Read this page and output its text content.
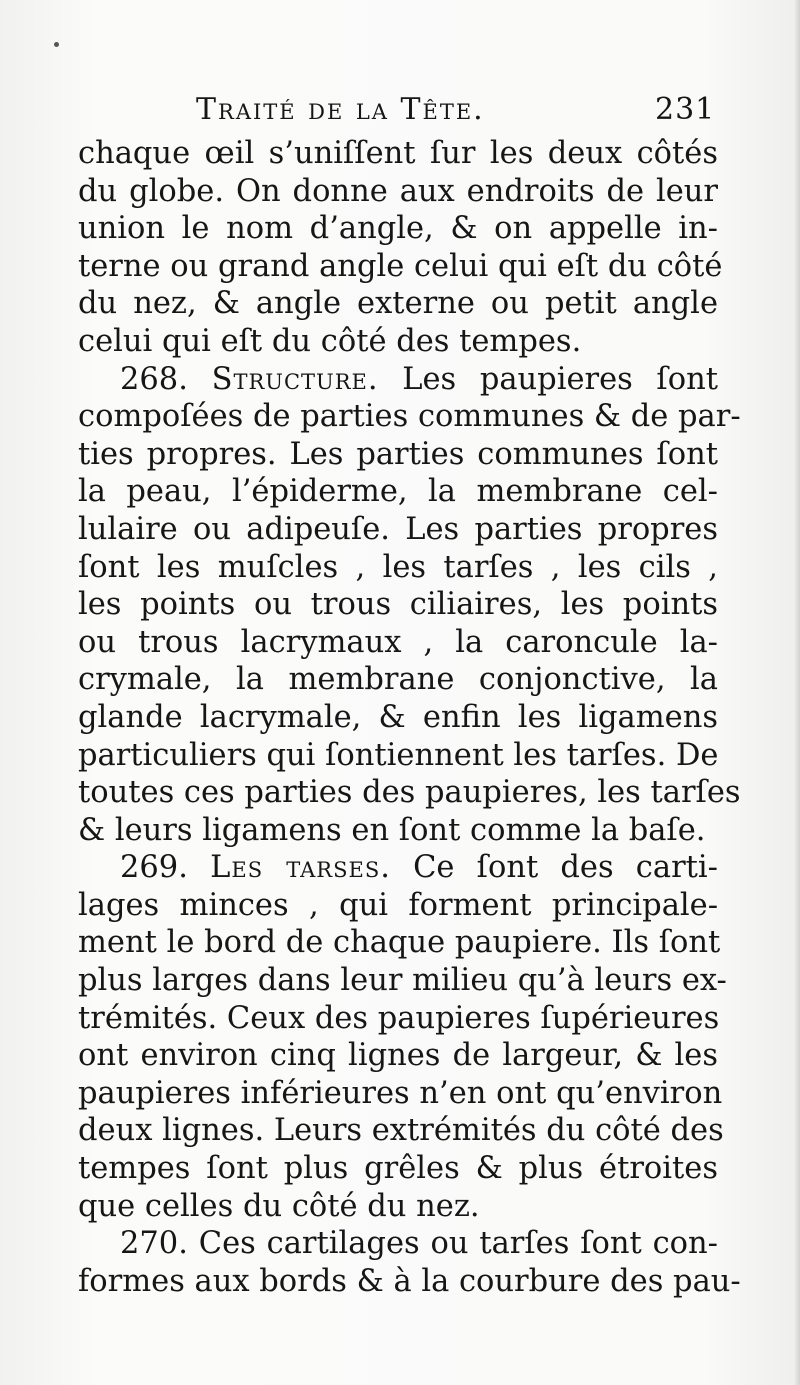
Traité de la Tête.	231
chaque œil s’uniſſent ſur les deux côtés
du globe. On donne aux endroits de leur
union le nom d’angle, & on appelle in-
terne ou grand angle celui qui eſt du côté
du nez, & angle externe ou petit angle
celui qui eſt du côté des tempes.
268. Structure. Les paupieres ſont
compoſées de parties communes & de par-
ties propres. Les parties communes ſont
la peau, l’épiderme, la membrane cel-
lulaire ou adipeuſe. Les parties propres
ſont les muſcles , les tarſes , les cils ,
les points ou trous ciliaires, les points
ou trous lacrymaux , la caroncule la-
crymale, la membrane conjonctive, la
glande lacrymale, & enfin les ligamens
particuliers qui ſontiennent les tarſes. De
toutes ces parties des paupieres, les tarſes
& leurs ligamens en ſont comme la baſe.
269. Les tarses. Ce ſont des carti-
lages minces , qui forment principale-
ment le bord de chaque paupiere. Ils ſont
plus larges dans leur milieu qu’à leurs ex-
trémités. Ceux des paupieres ſupérieures
ont environ cinq lignes de largeur, & les
paupieres inférieures n’en ont qu’environ
deux lignes. Leurs extrémités du côté des
tempes ſont plus grêles & plus étroites
que celles du côté du nez.
270. Ces cartilages ou tarſes ſont con-
formes aux bords & à la courbure des pau-
